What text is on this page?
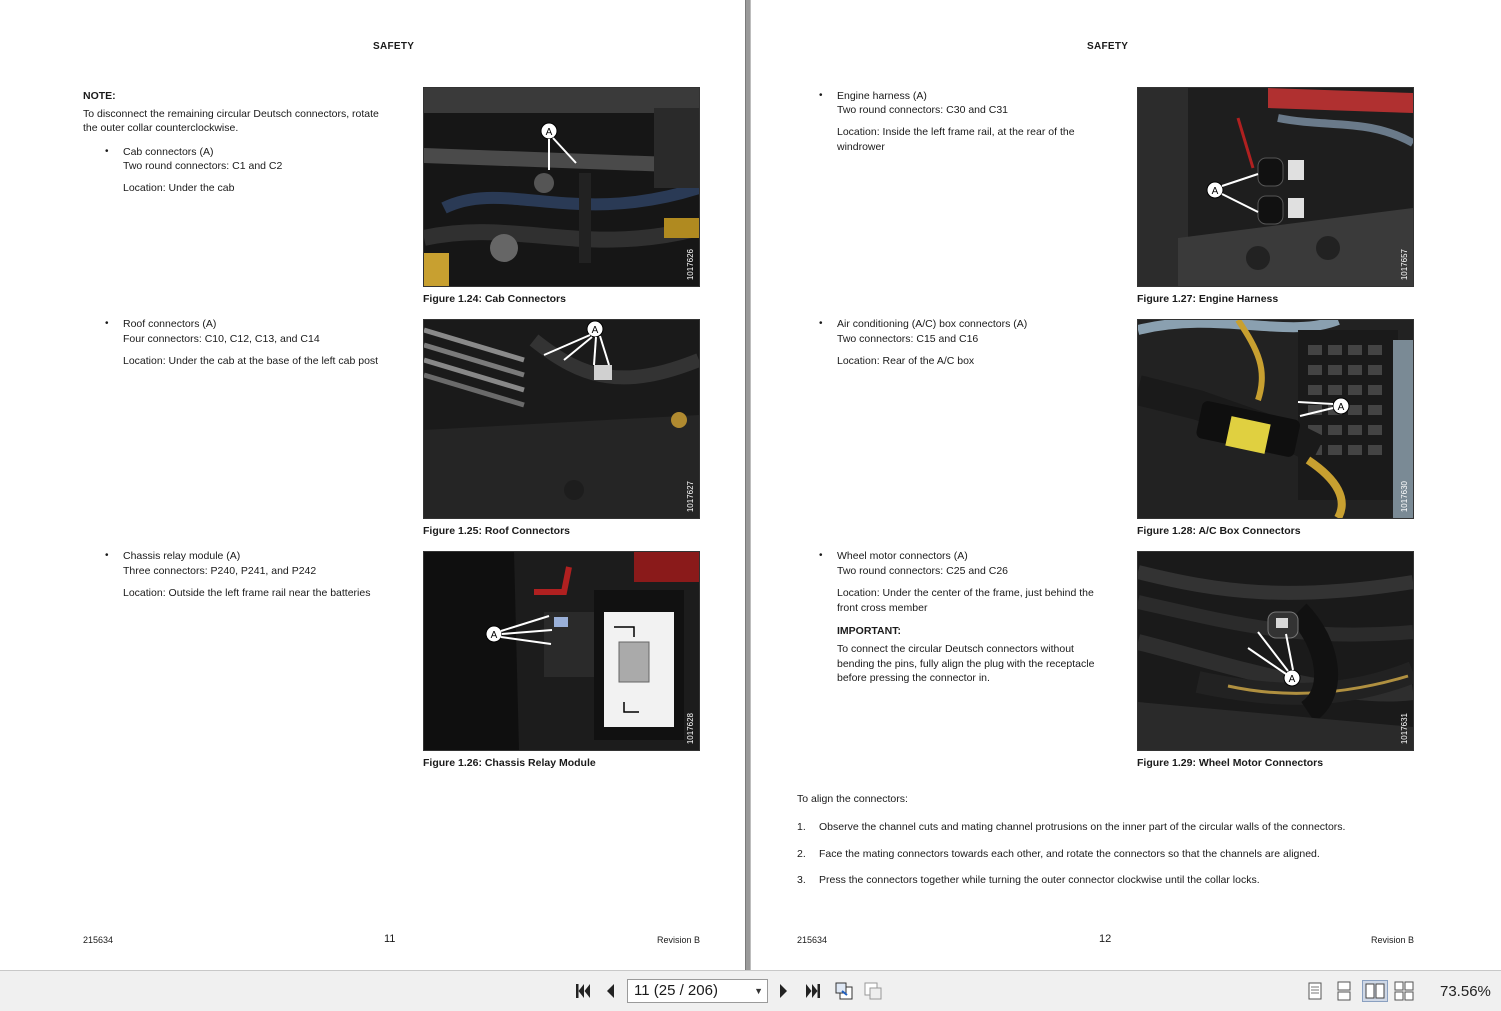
SAFETY
NOTE:
To disconnect the remaining circular Deutsch connectors, rotate
the outer collar counterclockwise.
• Cab connectors (A)
Two round connectors: C1 and C2
Location: Under the cab
• Roof connectors (A)
Four connectors: C10, C12, C13, and C14
Location: Under the cab at the base of the left cab post
• Chassis relay module (A)
Three connectors: P240, P241, and P242
Location: Outside the left frame rail near the batteries
A
1017626
Figure 1.24: Cab Connectors
A
1017627
Figure 1.25: Roof Connectors
A
1017628
Figure 1.26: Chassis Relay Module
215634	11	Revision B
SAFETY
• Engine harness (A)
Two round connectors: C30 and C31
Location: Inside the left frame rail, at the rear of the
windrower
• Air conditioning (A/C) box connectors (A)
Two connectors: C15 and C16
Location: Rear of the A/C box
• Wheel motor connectors (A)
Two round connectors: C25 and C26
Location: Under the center of the frame, just behind the
front cross member
IMPORTANT:
To connect the circular Deutsch connectors without
bending the pins, fully align the plug with the receptacle
before pressing the connector in.
A
1017657
Figure 1.27: Engine Harness
A
1017630
Figure 1.28: A/C Box Connectors
A
1017631
Figure 1.29: Wheel Motor Connectors
To align the connectors:
1. Observe the channel cuts and mating channel protrusions on the inner part of the circular walls of the connectors.
2. Face the mating connectors towards each other, and rotate the connectors so that the channels are aligned.
3. Press the connectors together while turning the outer connector clockwise until the collar locks.
215634	12	Revision B
11 (25 / 206)	▼	73.56%
